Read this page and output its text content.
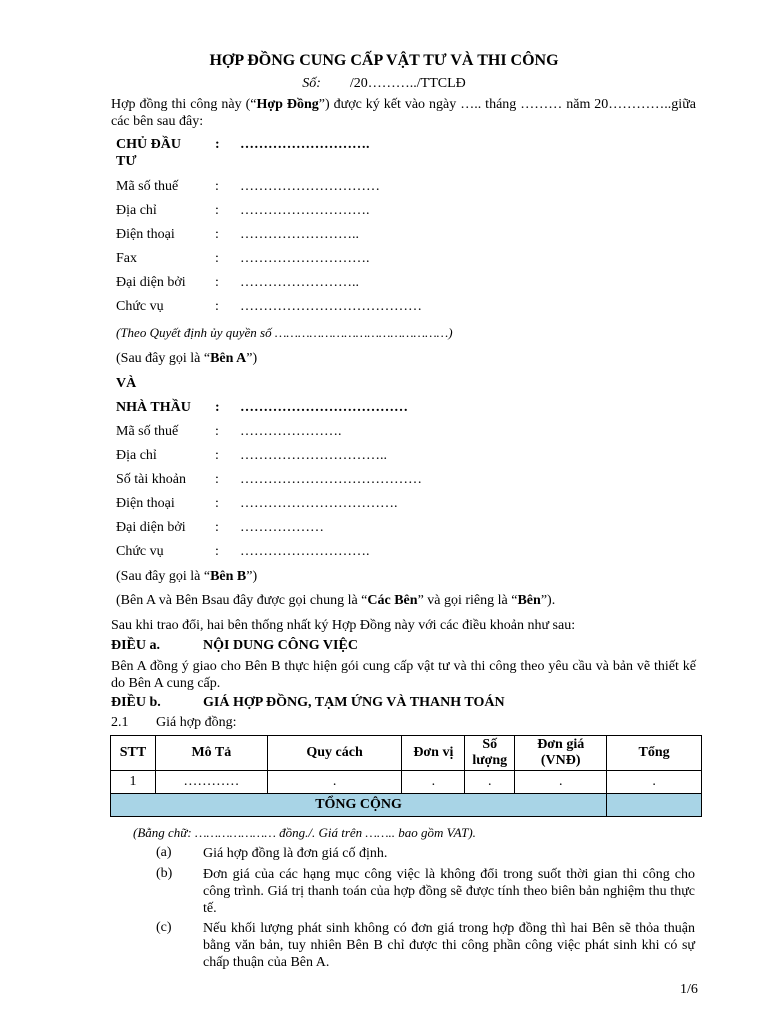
HỢP ĐỒNG CUNG CẤP VẬT TƯ VÀ THI CÔNG
Số: /20………../TTCLĐ
Hợp đồng thi công này (“Hợp Đồng”) được ký kết vào ngày ….. tháng ……… năm 20…………..giữa các bên sau đây:
CHỦ ĐẦU
TƯ
: ……………………….
Mã số thuế	: …………………………
Địa chỉ	: ……………………….
Điện thoại	: ……………………..
Fax	: ……………………….
Đại diện bởi : ……………………..
Chức vụ	: …………………………………
(Theo Quyết định ủy quyền số ………………………………………)
(Sau đây gọi là “Bên A”)
VÀ
NHÀ THẦU : ………………………………
Mã số thuế	: ………………….
Địa chỉ	: …………………………..
Số tài khoản : …………………………………
Điện thoại	: …………………………….
Đại diện bởi : ………………
Chức vụ	: ……………………….
(Sau đây gọi là “Bên B”)
(Bên A và Bên Bsau đây được gọi chung là “Các Bên” và gọi riêng là “Bên”).
Sau khi trao đổi, hai bên thống nhất ký Hợp Đồng này với các điều khoản như sau:
ĐIỀU a.	NỘI DUNG CÔNG VIỆC
Bên A đồng ý giao cho Bên B thực hiện gói cung cấp vật tư và thi công theo yêu cầu và bản vẽ thiết kế do Bên A cung cấp.
ĐIỀU b.	GIÁ HỢP ĐỒNG, TẠM ỨNG VÀ THANH TOÁN
2.1 Giá hợp đồng:
STT	Mô Tả	Quy cách	Đơn vị	Số lượng	Đơn giá (VNĐ)	Tổng
1	…………	.	.	.	.	.
TỔNG CỘNG						
(Bằng chữ: ………………… đồng./. Giá trên …….. bao gồm VAT).
(a) Giá hợp đồng là đơn giá cố định.
(b) Đơn giá của các hạng mục công việc là không đổi trong suốt thời gian thi công cho công trình. Giá trị thanh toán của hợp đồng sẽ được tính theo biên bản nghiệm thu thực tế.
(c) Nếu khối lượng phát sinh không có đơn giá trong hợp đồng thì hai Bên sẽ thỏa thuận bằng văn bản, tuy nhiên Bên B chỉ được thi công phần công việc phát sinh khi có sự chấp thuận của Bên A.
1/6
